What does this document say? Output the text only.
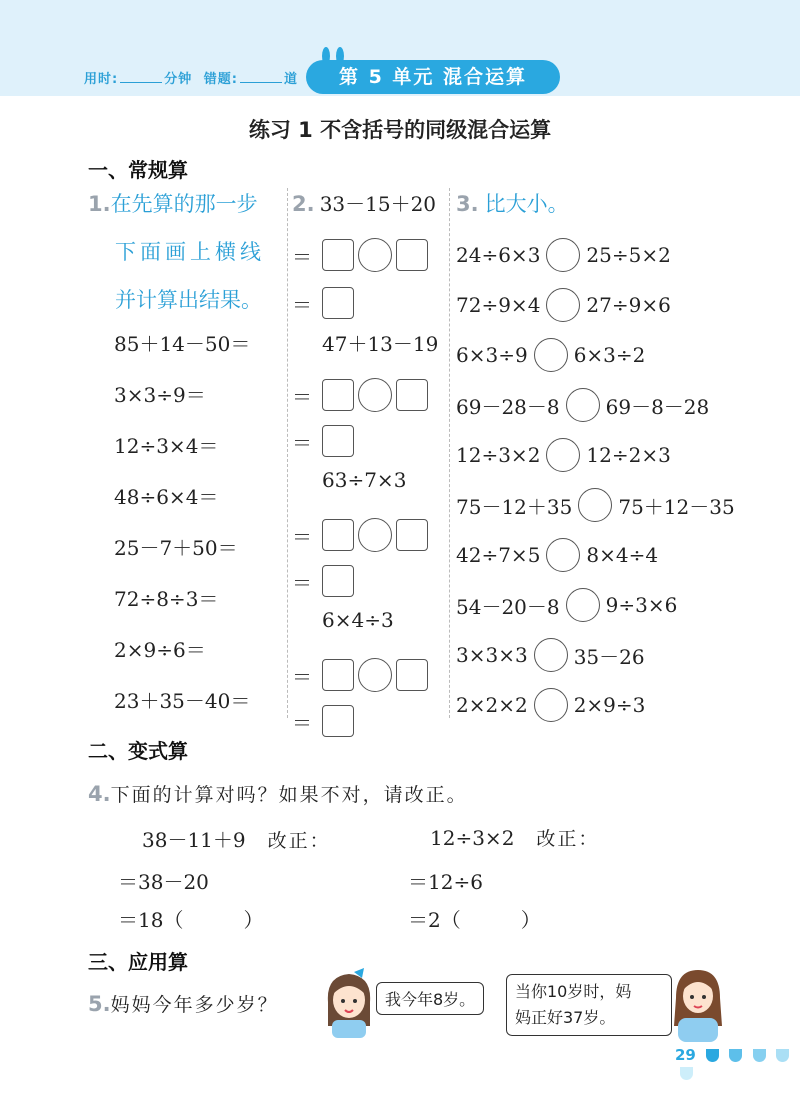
用时:	分钟 错题:	道	第 5 单元 混合运算
练习 1 不含括号的同级混合运算
一、常规算
1.在先算的那一步
下面画上横线
并计算出结果。
85＋14－50＝
3×3÷9＝
12÷3×4＝
48÷6×4＝
25－7＋50＝
72÷8÷3＝
2×9÷6＝
23＋35－40＝
2. 33－15＋20
＝
＝
47＋13－19
＝
＝
63÷7×3
＝
＝
6×4÷3
＝
＝
3. 比大小。
24÷6×3 25÷5×2
72÷9×4 27÷9×6
6×3÷9 6×3÷2
69－28－8 69－8－28
12÷3×2 12÷2×3
75－12＋35 75＋12－35
42÷7×5 8×4÷4
54－20－8 9÷3×6
3×3×3 35－26
2×2×2 2×9÷3
二、变式算
4.下面的计算对吗？如果不对，请改正。
38－11＋9 改正：
＝38－20
＝18（　　　）
12÷3×2 改正：
＝12÷6
＝2（　　　）
三、应用算
5.妈妈今年多少岁？	我今年8岁。	当你10岁时，妈
妈正好37岁。
29
